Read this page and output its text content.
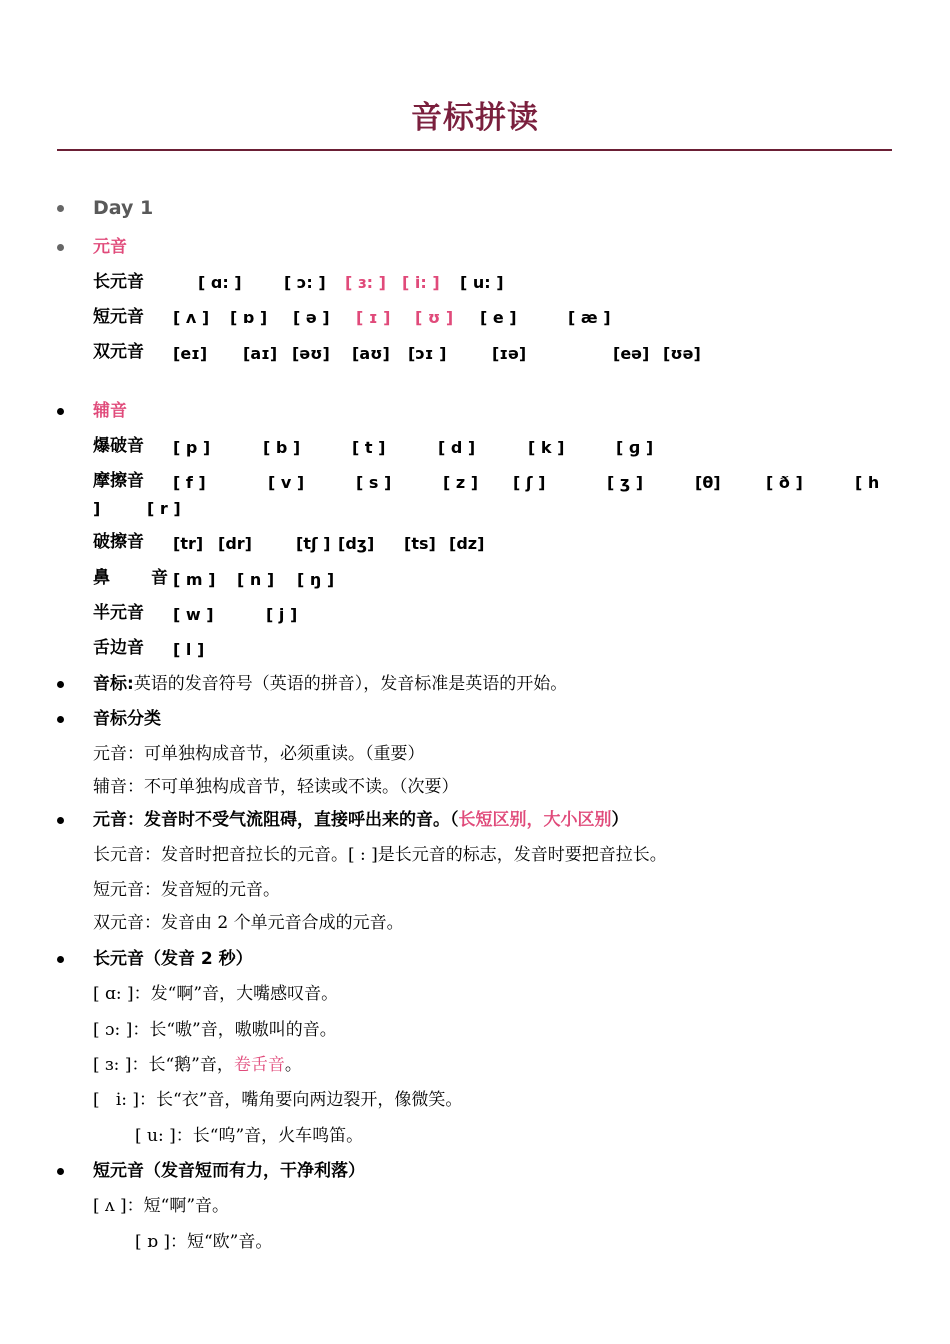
音标拼读
Day 1
元音
长元音	[ ɑ: ]	[ ɔ: ] [ ɜ: ] [ i: ] [ u: ]
短元音 [ ʌ ] [ ɒ ] [ ə ] [ ɪ ] [ ʊ ] [ e ]	[ æ ]
双元音 [eɪ] [aɪ] [əʊ] [aʊ] [ɔɪ ]	[ɪə]	[eə] [ʊə]
辅音
爆破音 [ p ]	[ b ]	[ t ]	[ d ]	[ k ]	[ ɡ ]
摩擦音 [ f ]	[ v ]	[ s ]	[ z ] [ ʃ ]	[ ʒ ]	[θ]	[ ð ]	[ h
]	[ r ]
破擦音 [tr] [dr]	[tʃ ] [dʒ] [ts] [dz]
鼻 音 [ m ] [ n ] [ ŋ ]
半元音 [ w ]	[ j ]
舌边音 [ l ]
音标:英语的发音符号（英语的拼音），发音标准是英语的开始。
音标分类
元音：可单独构成音节，必须重读。（重要）
辅音：不可单独构成音节，轻读或不读。（次要）
元音：发音时不受气流阻碍，直接呼出来的音。（长短区别，大小区别）
长元音：发音时把音拉长的元音。[ : ]是长元音的标志，发音时要把音拉长。
短元音：发音短的元音。
双元音：发音由 2 个单元音合成的元音。
长元音（发音 2 秒）
[ ɑ: ]：发“啊”音，大嘴感叹音。
[ ɔ: ]：长“嗷”音，嗷嗷叫的音。
[ ɜ: ]：长“鹅”音，卷舌音。
[   i: ]：长“衣”音，嘴角要向两边裂开，像微笑。
[ u: ]：长“呜”音，火车鸣笛。
短元音（发音短而有力，干净利落）
[ ʌ ]：短“啊”音。
[ ɒ ]：短“欧”音。
